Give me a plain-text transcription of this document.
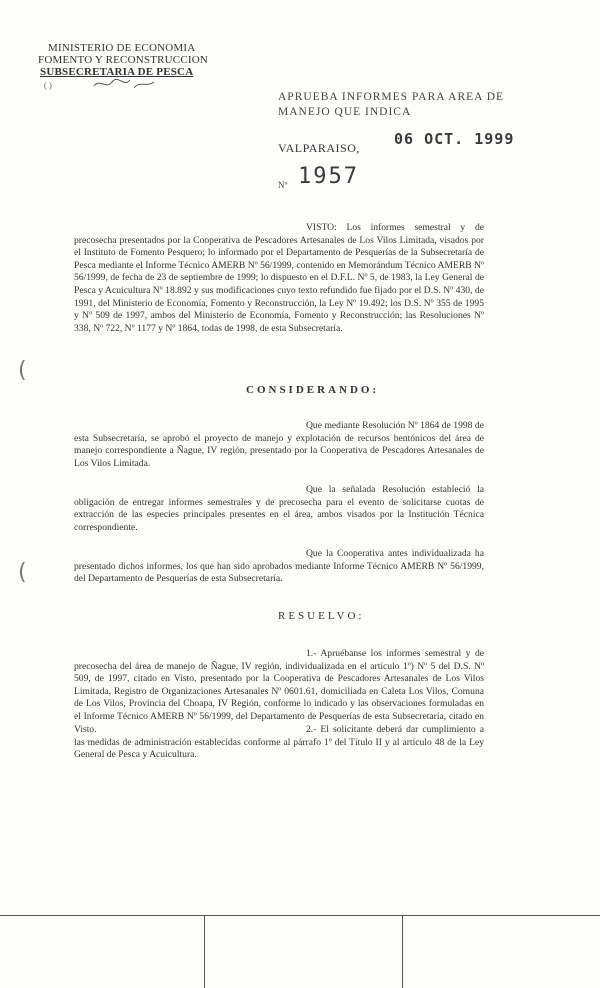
MINISTERIO DE ECONOMIA
FOMENTO Y RECONSTRUCCION
SUBSECRETARIA DE PESCA
( )
APRUEBA INFORMES PARA AREA DE
MANEJO QUE INDICA
VALPARAISO, 06 OCT. 1999
Nº 1957
(
(
VISTO: Los informes semestral y de precosecha presentados por la Cooperativa de Pescadores Artesanales de Los Vilos Limitada, visados por el Instituto de Fomento Pesquero; lo informado por el Departamento de Pesquerías de la Subsecretaría de Pesca mediante el Informe Técnico AMERB Nº 56/1999, contenido en Memorándum Técnico AMERB Nº 56/1999, de fecha de 23 de septiembre de 1999; lo dispuesto en el D.F.L. Nº 5, de 1983, la Ley General de Pesca y Acuicultura Nº 18.892 y sus modificaciones cuyo texto refundido fue fijado por el D.S. Nº 430, de 1991, del Ministerio de Economía, Fomento y Reconstrucción, la Ley Nº 19.492; los D.S. Nº 355 de 1995 y Nº 509 de 1997, ambos del Ministerio de Economía, Fomento y Reconstrucción; las Resoluciones Nº 338, Nº 722, Nº 1177 y Nº 1864, todas de 1998, de esta Subsecretaría.
CONSIDERANDO:
Que mediante Resolución Nº 1864 de 1998 de esta Subsecretaría, se aprobó el proyecto de manejo y explotación de recursos bentónicos del área de manejo correspondiente a Ñague, IV región, presentado por la Cooperativa de Pescadores Artesanales de Los Vilos Limitada.
Que la señalada Resolución estableció la obligación de entregar informes semestrales y de precosecha para el evento de solicitarse cuotas de extracción de las especies principales presentes en el área, ambos visados por la Institución Técnica correspondiente.
Que la Cooperativa antes individualizada ha presentado dichos informes, los que han sido aprobados mediante Informe Técnico AMERB Nº 56/1999, del Departamento de Pesquerías de esta Subsecretaría.
RESUELVO:
1.- Apruébanse los informes semestral y de precosecha del área de manejo de Ñague, IV región, individualizada en el artículo 1º) Nº 5 del D.S. Nº 509, de 1997, citado en Visto, presentado por la Cooperativa de Pescadores Artesanales de Los Vilos Limitada, Registro de Organizaciones Artesanales Nº 0601.61, domiciliada en Caleta Los Vilos, Comuna de Los Vilos, Provincia del Choapa, IV Región, conforme lo indicado y las observaciones formuladas en el Informe Técnico AMERB Nº 56/1999, del Departamento de Pesquerías de esta Subsecretaría, citado en Visto.	2.- El solicitante deberá dar cumplimiento a las medidas de administración establecidas conforme al párrafo 1º del Título II y al artículo 48 de la Ley General de Pesca y Acuicultura.
